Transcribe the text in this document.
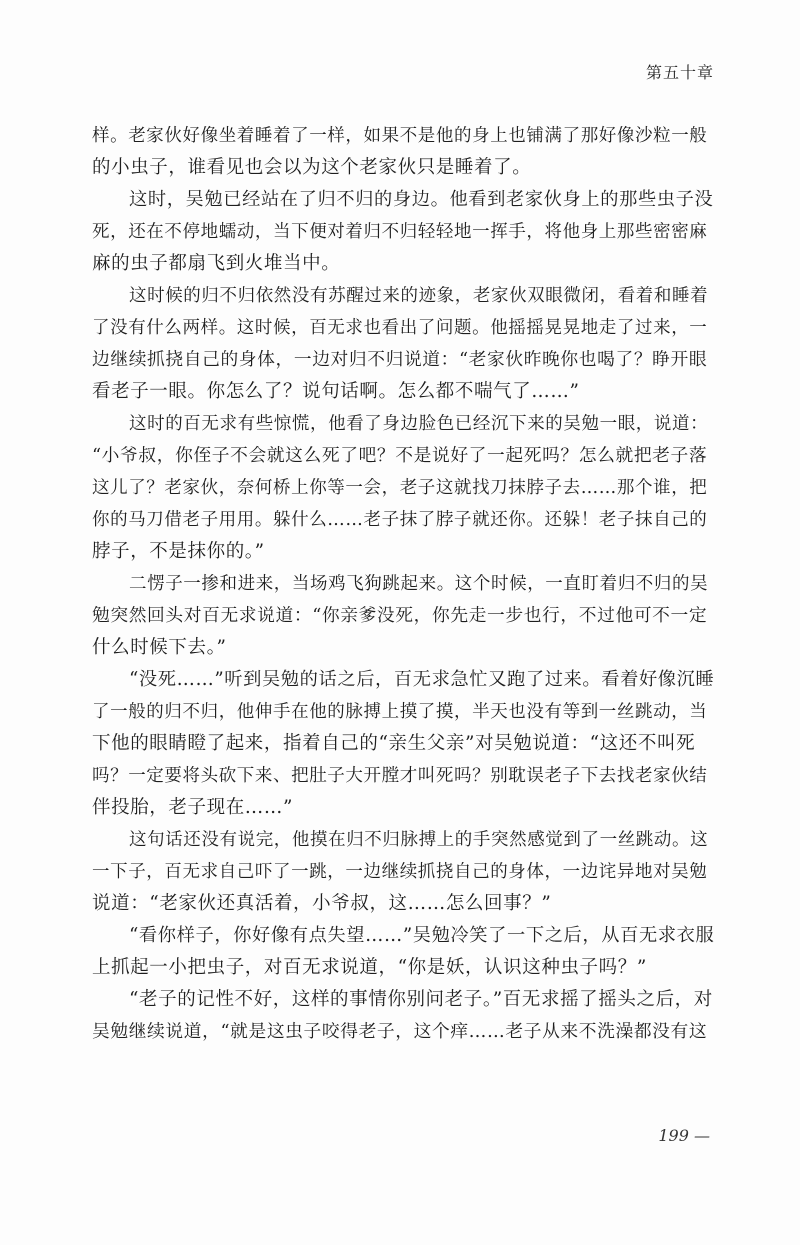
第五十章
样。老家伙好像坐着睡着了一样，如果不是他的身上也铺满了那好像沙粒一般
的小虫子，谁看见也会以为这个老家伙只是睡着了。
这时，吴勉已经站在了归不归的身边。他看到老家伙身上的那些虫子没
死，还在不停地蠕动，当下便对着归不归轻轻地一挥手，将他身上那些密密麻
麻的虫子都扇飞到火堆当中。
这时候的归不归依然没有苏醒过来的迹象，老家伙双眼微闭，看着和睡着
了没有什么两样。这时候，百无求也看出了问题。他摇摇晃晃地走了过来，一
边继续抓挠自己的身体，一边对归不归说道：“老家伙昨晚你也喝了？睁开眼
看老子一眼。你怎么了？说句话啊。怎么都不喘气了……”
这时的百无求有些惊慌，他看了身边脸色已经沉下来的吴勉一眼，说道：
“小爷叔，你侄子不会就这么死了吧？不是说好了一起死吗？怎么就把老子落
这儿了？老家伙，奈何桥上你等一会，老子这就找刀抹脖子去……那个谁，把
你的马刀借老子用用。躲什么……老子抹了脖子就还你。还躲！老子抹自己的
脖子，不是抹你的。”
二愣子一掺和进来，当场鸡飞狗跳起来。这个时候，一直盯着归不归的吴
勉突然回头对百无求说道：“你亲爹没死，你先走一步也行，不过他可不一定
什么时候下去。”
“没死……”听到吴勉的话之后，百无求急忙又跑了过来。看着好像沉睡
了一般的归不归，他伸手在他的脉搏上摸了摸，半天也没有等到一丝跳动，当
下他的眼睛瞪了起来，指着自己的“亲生父亲”对吴勉说道：“这还不叫死
吗？一定要将头砍下来、把肚子大开膛才叫死吗？别耽误老子下去找老家伙结
伴投胎，老子现在……”
这句话还没有说完，他摸在归不归脉搏上的手突然感觉到了一丝跳动。这
一下子，百无求自己吓了一跳，一边继续抓挠自己的身体，一边诧异地对吴勉
说道：“老家伙还真活着，小爷叔，这……怎么回事？”
“看你样子，你好像有点失望……”吴勉冷笑了一下之后，从百无求衣服
上抓起一小把虫子，对百无求说道，“你是妖，认识这种虫子吗？”
“老子的记性不好，这样的事情你别问老子。”百无求摇了摇头之后，对
吴勉继续说道，“就是这虫子咬得老子，这个痒……老子从来不洗澡都没有这
199 —
